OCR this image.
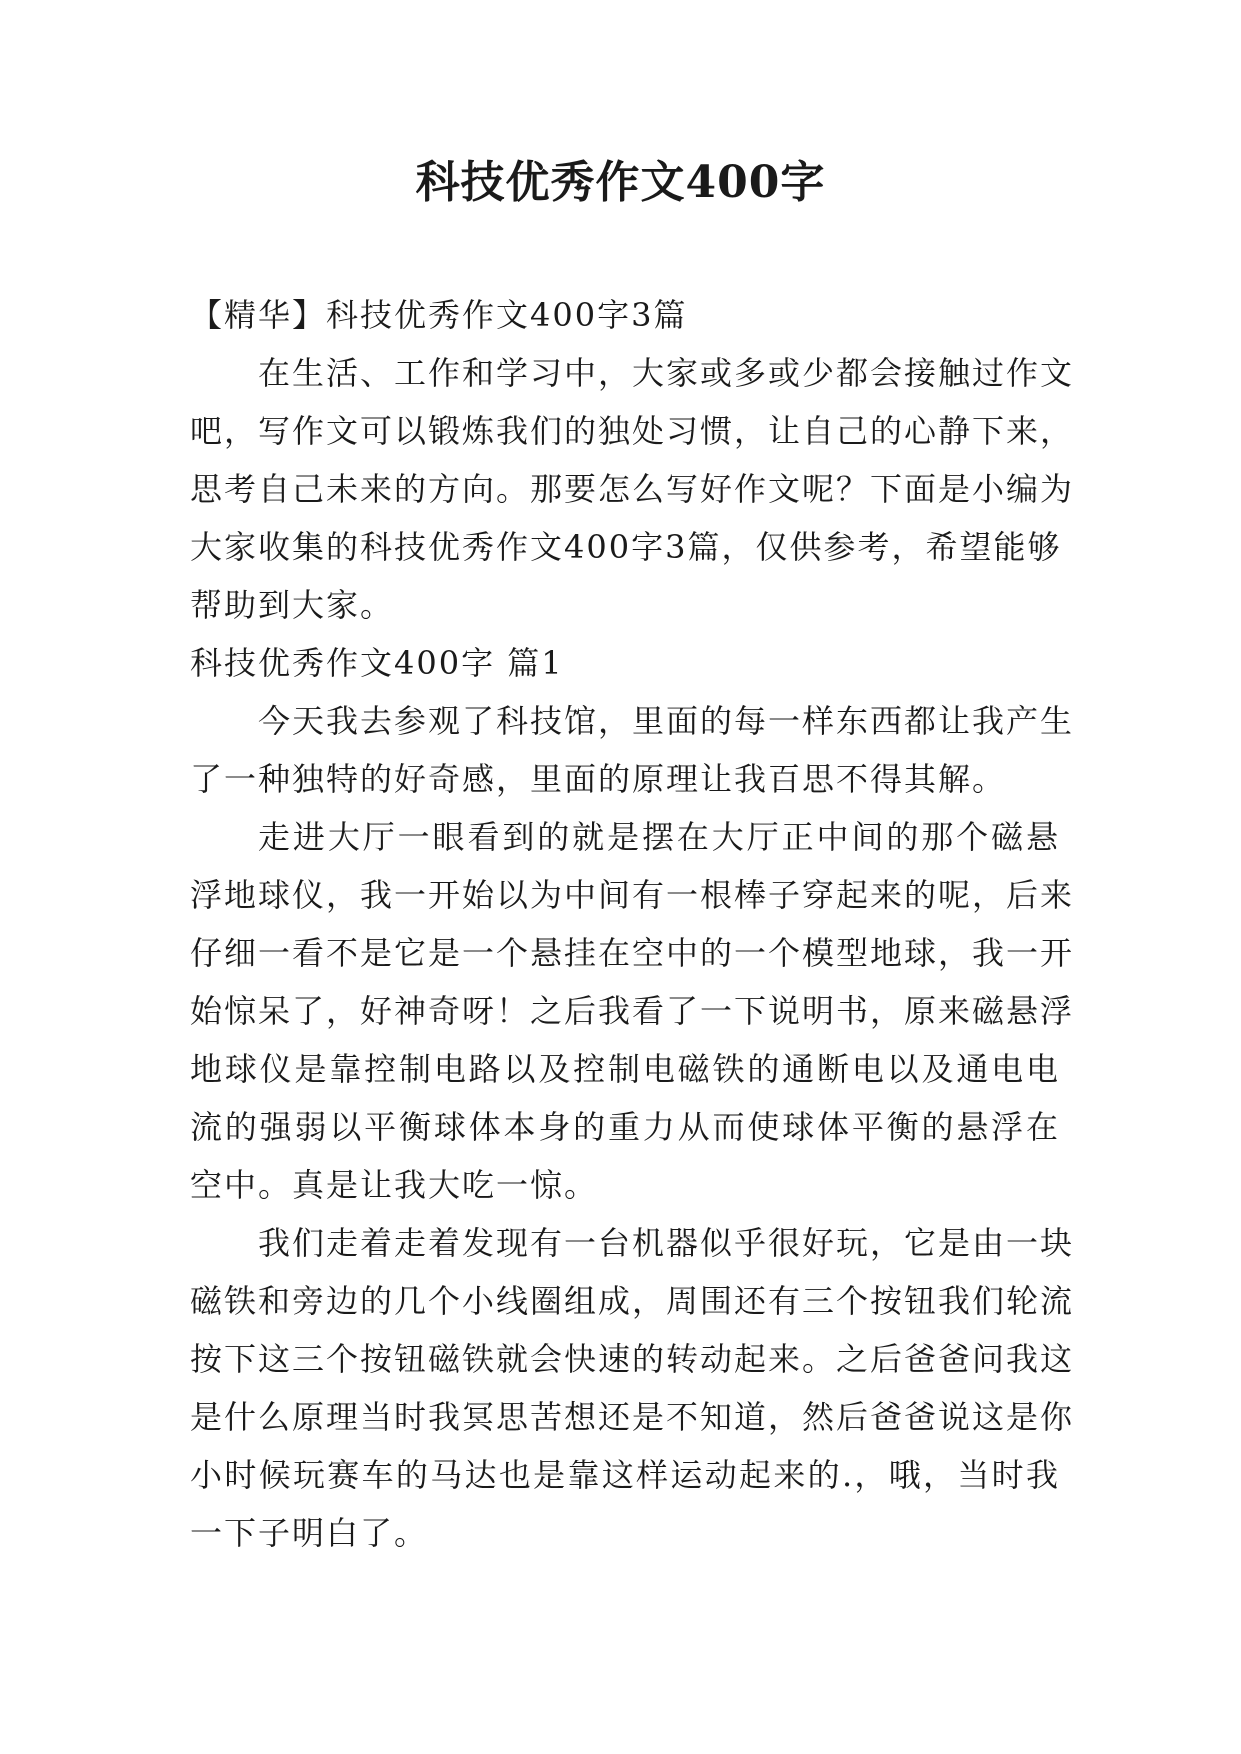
科技优秀作文400字
【精华】科技优秀作文400字3篇
在生活、工作和学习中，大家或多或少都会接触过作文
吧，写作文可以锻炼我们的独处习惯，让自己的心静下来，
思考自己未来的方向。那要怎么写好作文呢？下面是小编为
大家收集的科技优秀作文400字3篇，仅供参考，希望能够
帮助到大家。
科技优秀作文400字 篇1
今天我去参观了科技馆，里面的每一样东西都让我产生
了一种独特的好奇感，里面的原理让我百思不得其解。
走进大厅一眼看到的就是摆在大厅正中间的那个磁悬
浮地球仪，我一开始以为中间有一根棒子穿起来的呢，后来
仔细一看不是它是一个悬挂在空中的一个模型地球，我一开
始惊呆了，好神奇呀！之后我看了一下说明书，原来磁悬浮
地球仪是靠控制电路以及控制电磁铁的通断电以及通电电
流的强弱以平衡球体本身的重力从而使球体平衡的悬浮在
空中。真是让我大吃一惊。
我们走着走着发现有一台机器似乎很好玩，它是由一块
磁铁和旁边的几个小线圈组成，周围还有三个按钮我们轮流
按下这三个按钮磁铁就会快速的转动起来。之后爸爸问我这
是什么原理当时我冥思苦想还是不知道，然后爸爸说这是你
小时候玩赛车的马达也是靠这样运动起来的.，哦，当时我
一下子明白了。
